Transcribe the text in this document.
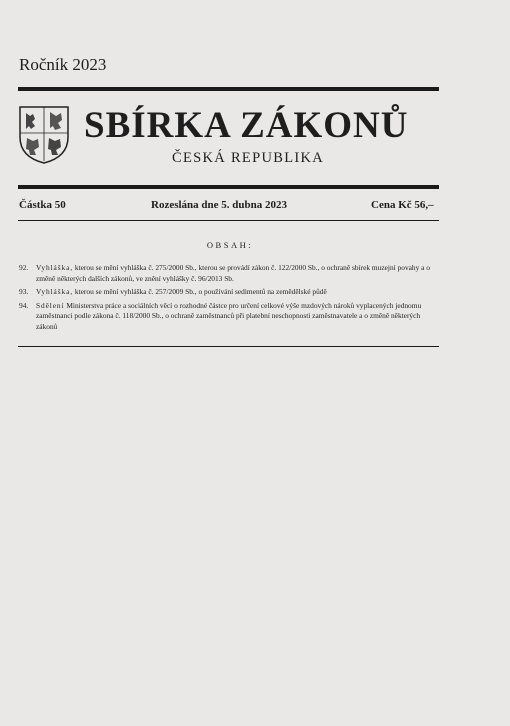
Ročník 2023
SBÍRKA ZÁKONŮ
ČESKÁ REPUBLIKA
Částka 50	Rozeslána dne 5. dubna 2023	Cena Kč 56,–
OBSAH:
92.	Vyhláška, kterou se mění vyhláška č. 275/2000 Sb., kterou se provádí zákon č. 122/2000 Sb., o ochraně sbírek muzejní povahy a o změně některých dalších zákonů, ve znění vyhlášky č. 96/2013 Sb.
93.	Vyhláška, kterou se mění vyhláška č. 257/2009 Sb., o používání sedimentů na zemědělské půdě
94.	Sdělení Ministerstva práce a sociálních věcí o rozhodné částce pro určení celkové výše mzdových nároků vyplacených jednomu zaměstnanci podle zákona č. 118/2000 Sb., o ochraně zaměstnanců při platební neschopnosti zaměstnavatele a o změně některých zákonů
